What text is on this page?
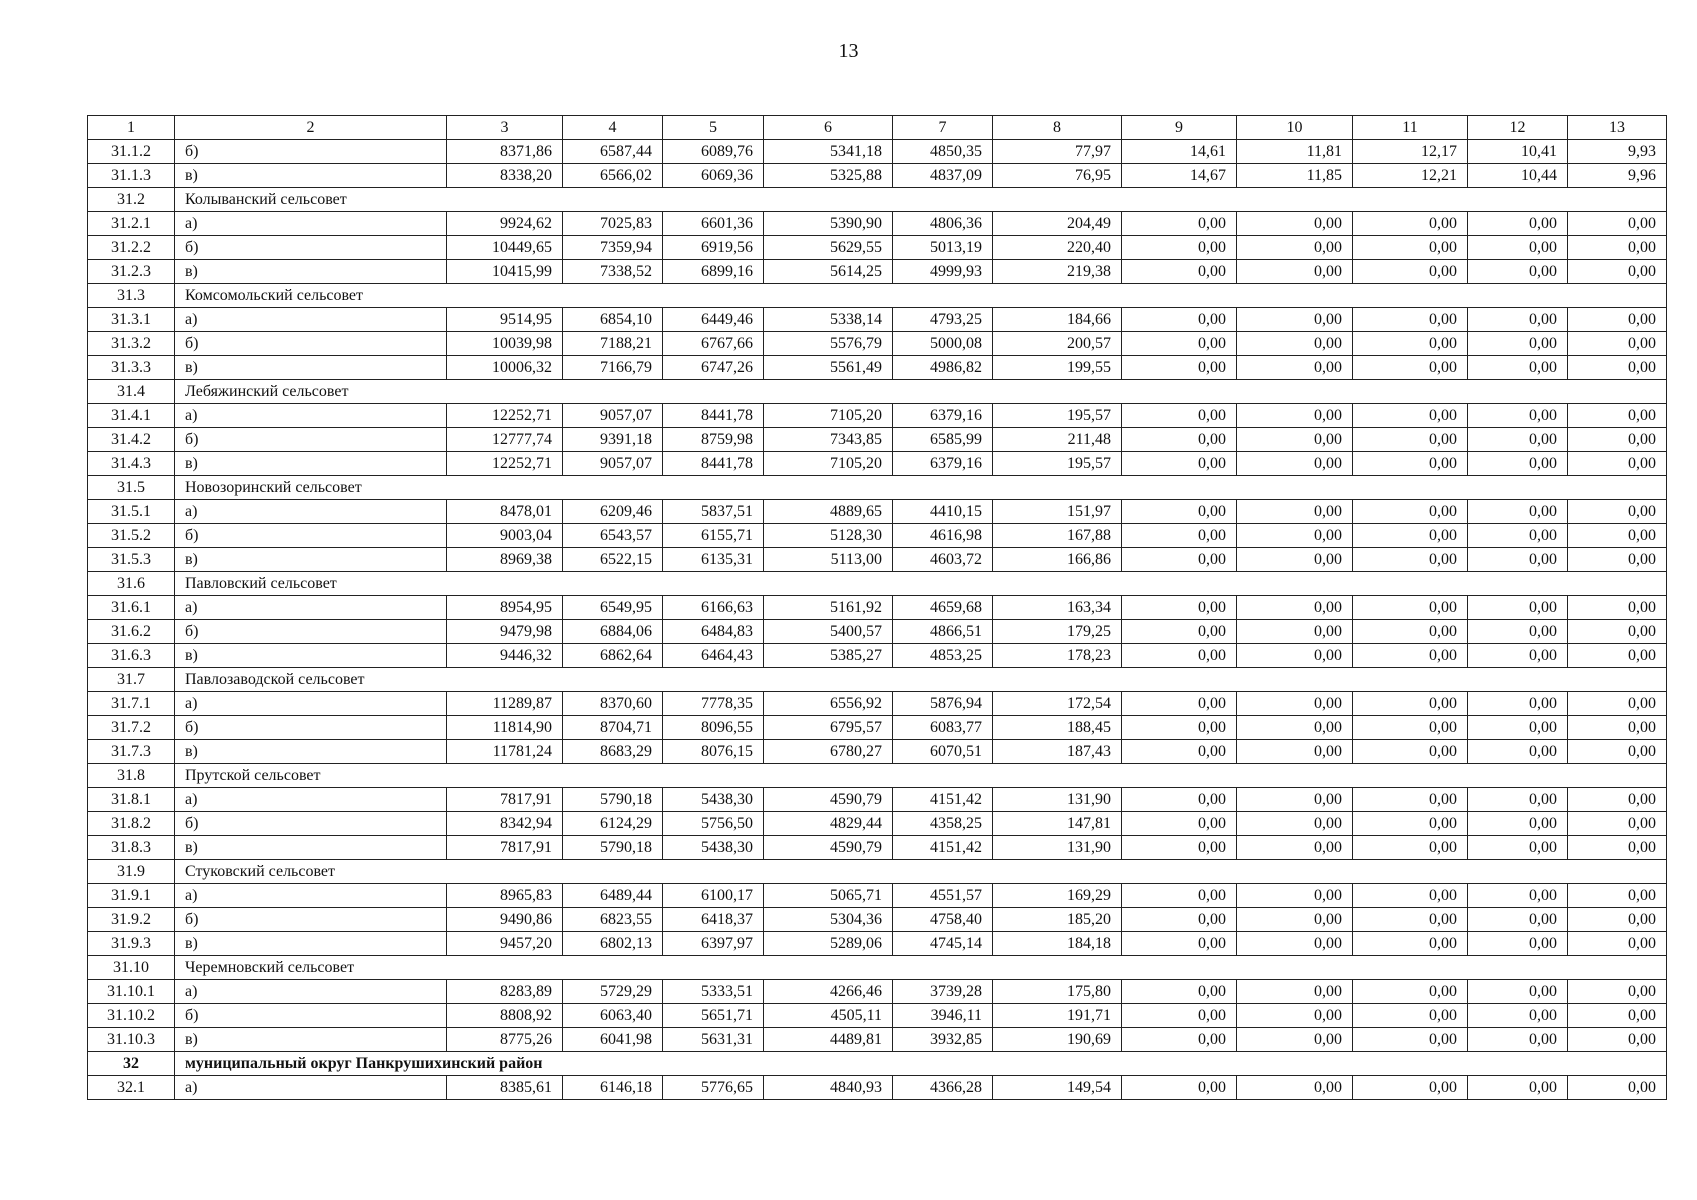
13
1	2	3	4	5	6	7	8	9	10	11	12	13
31.1.2	б)	8371,86	6587,44	6089,76	5341,18	4850,35	77,97	14,61	11,81	12,17	10,41	9,93
31.1.3	в)	8338,20	6566,02	6069,36	5325,88	4837,09	76,95	14,67	11,85	12,21	10,44	9,96
31.2	Колыванский сельсовет											
31.2.1	а)	9924,62	7025,83	6601,36	5390,90	4806,36	204,49	0,00	0,00	0,00	0,00	0,00
31.2.2	б)	10449,65	7359,94	6919,56	5629,55	5013,19	220,40	0,00	0,00	0,00	0,00	0,00
31.2.3	в)	10415,99	7338,52	6899,16	5614,25	4999,93	219,38	0,00	0,00	0,00	0,00	0,00
31.3	Комсомольский сельсовет											
31.3.1	а)	9514,95	6854,10	6449,46	5338,14	4793,25	184,66	0,00	0,00	0,00	0,00	0,00
31.3.2	б)	10039,98	7188,21	6767,66	5576,79	5000,08	200,57	0,00	0,00	0,00	0,00	0,00
31.3.3	в)	10006,32	7166,79	6747,26	5561,49	4986,82	199,55	0,00	0,00	0,00	0,00	0,00
31.4	Лебяжинский сельсовет											
31.4.1	а)	12252,71	9057,07	8441,78	7105,20	6379,16	195,57	0,00	0,00	0,00	0,00	0,00
31.4.2	б)	12777,74	9391,18	8759,98	7343,85	6585,99	211,48	0,00	0,00	0,00	0,00	0,00
31.4.3	в)	12252,71	9057,07	8441,78	7105,20	6379,16	195,57	0,00	0,00	0,00	0,00	0,00
31.5	Новозоринский сельсовет											
31.5.1	а)	8478,01	6209,46	5837,51	4889,65	4410,15	151,97	0,00	0,00	0,00	0,00	0,00
31.5.2	б)	9003,04	6543,57	6155,71	5128,30	4616,98	167,88	0,00	0,00	0,00	0,00	0,00
31.5.3	в)	8969,38	6522,15	6135,31	5113,00	4603,72	166,86	0,00	0,00	0,00	0,00	0,00
31.6	Павловский сельсовет											
31.6.1	а)	8954,95	6549,95	6166,63	5161,92	4659,68	163,34	0,00	0,00	0,00	0,00	0,00
31.6.2	б)	9479,98	6884,06	6484,83	5400,57	4866,51	179,25	0,00	0,00	0,00	0,00	0,00
31.6.3	в)	9446,32	6862,64	6464,43	5385,27	4853,25	178,23	0,00	0,00	0,00	0,00	0,00
31.7	Павлозаводской сельсовет											
31.7.1	а)	11289,87	8370,60	7778,35	6556,92	5876,94	172,54	0,00	0,00	0,00	0,00	0,00
31.7.2	б)	11814,90	8704,71	8096,55	6795,57	6083,77	188,45	0,00	0,00	0,00	0,00	0,00
31.7.3	в)	11781,24	8683,29	8076,15	6780,27	6070,51	187,43	0,00	0,00	0,00	0,00	0,00
31.8	Прутской сельсовет											
31.8.1	а)	7817,91	5790,18	5438,30	4590,79	4151,42	131,90	0,00	0,00	0,00	0,00	0,00
31.8.2	б)	8342,94	6124,29	5756,50	4829,44	4358,25	147,81	0,00	0,00	0,00	0,00	0,00
31.8.3	в)	7817,91	5790,18	5438,30	4590,79	4151,42	131,90	0,00	0,00	0,00	0,00	0,00
31.9	Стуковский сельсовет											
31.9.1	а)	8965,83	6489,44	6100,17	5065,71	4551,57	169,29	0,00	0,00	0,00	0,00	0,00
31.9.2	б)	9490,86	6823,55	6418,37	5304,36	4758,40	185,20	0,00	0,00	0,00	0,00	0,00
31.9.3	в)	9457,20	6802,13	6397,97	5289,06	4745,14	184,18	0,00	0,00	0,00	0,00	0,00
31.10	Черемновский сельсовет											
31.10.1	а)	8283,89	5729,29	5333,51	4266,46	3739,28	175,80	0,00	0,00	0,00	0,00	0,00
31.10.2	б)	8808,92	6063,40	5651,71	4505,11	3946,11	191,71	0,00	0,00	0,00	0,00	0,00
31.10.3	в)	8775,26	6041,98	5631,31	4489,81	3932,85	190,69	0,00	0,00	0,00	0,00	0,00
32	муниципальный округ Панкрушихинский район											
32.1	а)	8385,61	6146,18	5776,65	4840,93	4366,28	149,54	0,00	0,00	0,00	0,00	0,00
